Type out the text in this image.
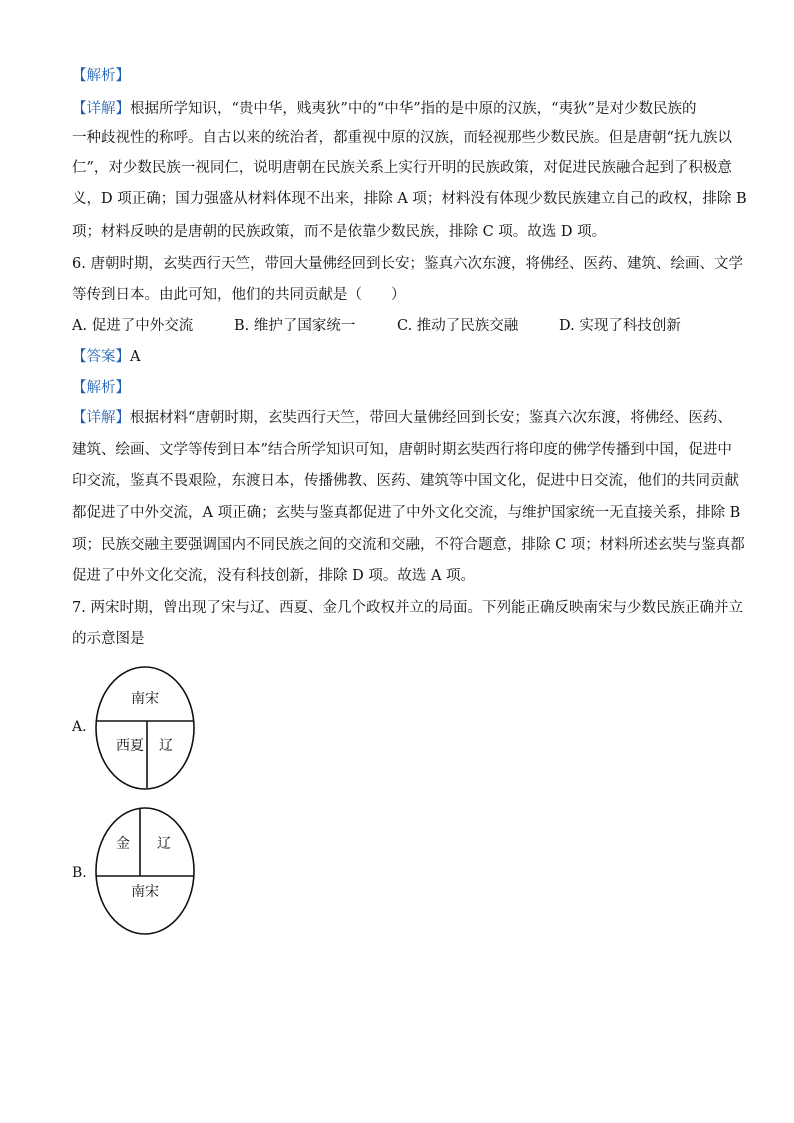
【解析】
【详解】根据所学知识，“贵中华，贱夷狄”中的“中华”指的是中原的汉族，“夷狄”是对少数民族的
一种歧视性的称呼。自古以来的统治者，都重视中原的汉族，而轻视那些少数民族。但是唐朝“抚九族以
仁”，对少数民族一视同仁，说明唐朝在民族关系上实行开明的民族政策，对促进民族融合起到了积极意
义，D 项正确；国力强盛从材料体现不出来，排除 A 项；材料没有体现少数民族建立自己的政权，排除 B
项；材料反映的是唐朝的民族政策，而不是依靠少数民族，排除 C 项。故选 D 项。
6. 唐朝时期，玄奘西行天竺，带回大量佛经回到长安；鉴真六次东渡，将佛经、医药、建筑、绘画、文学
等传到日本。由此可知，他们的共同贡献是（　　）
A. 促进了中外交流	B. 维护了国家统一	C. 推动了民族交融	D. 实现了科技创新
【答案】A
【解析】
【详解】根据材料“唐朝时期，玄奘西行天竺，带回大量佛经回到长安；鉴真六次东渡，将佛经、医药、
建筑、绘画、文学等传到日本”结合所学知识可知，唐朝时期玄奘西行将印度的佛学传播到中国，促进中
印交流，鉴真不畏艰险，东渡日本，传播佛教、医药、建筑等中国文化，促进中日交流，他们的共同贡献
都促进了中外交流，A 项正确；玄奘与鉴真都促进了中外文化交流，与维护国家统一无直接关系，排除 B
项；民族交融主要强调国内不同民族之间的交流和交融，不符合题意，排除 C 项；材料所述玄奘与鉴真都
促进了中外文化交流，没有科技创新，排除 D 项。故选 A 项。
7. 两宋时期，曾出现了宋与辽、西夏、金几个政权并立的局面。下列能正确反映南宋与少数民族正确并立
的示意图是
A.
南宋
西夏 辽
B.
金 辽
南宋
